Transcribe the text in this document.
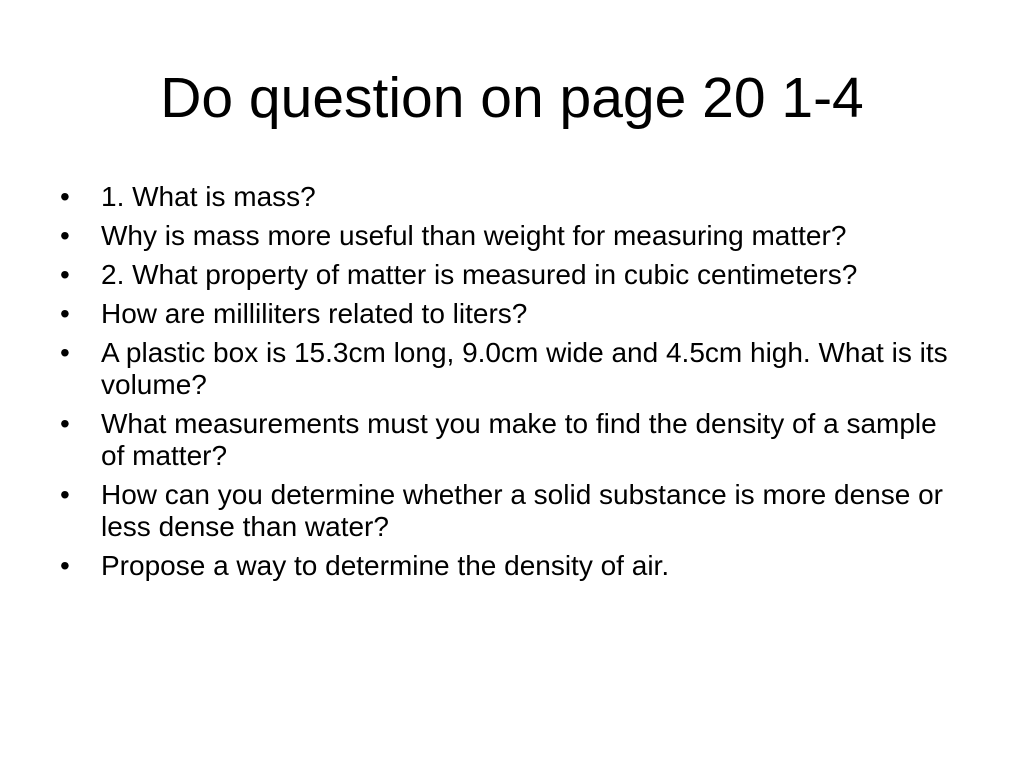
Do question on page 20 1-4
•	1. What is mass?
•	Why is mass more useful than weight for measuring matter?
•	2. What property of matter is measured in cubic centimeters?
•	How are milliliters related to liters?
•	A plastic box is 15.3cm long, 9.0cm wide and 4.5cm high. What is its volume?
•	What measurements must you make to find the density of a sample of matter?
•	How can you determine whether a solid substance is more dense or less dense than water?
•	Propose a way to determine the density of air.
